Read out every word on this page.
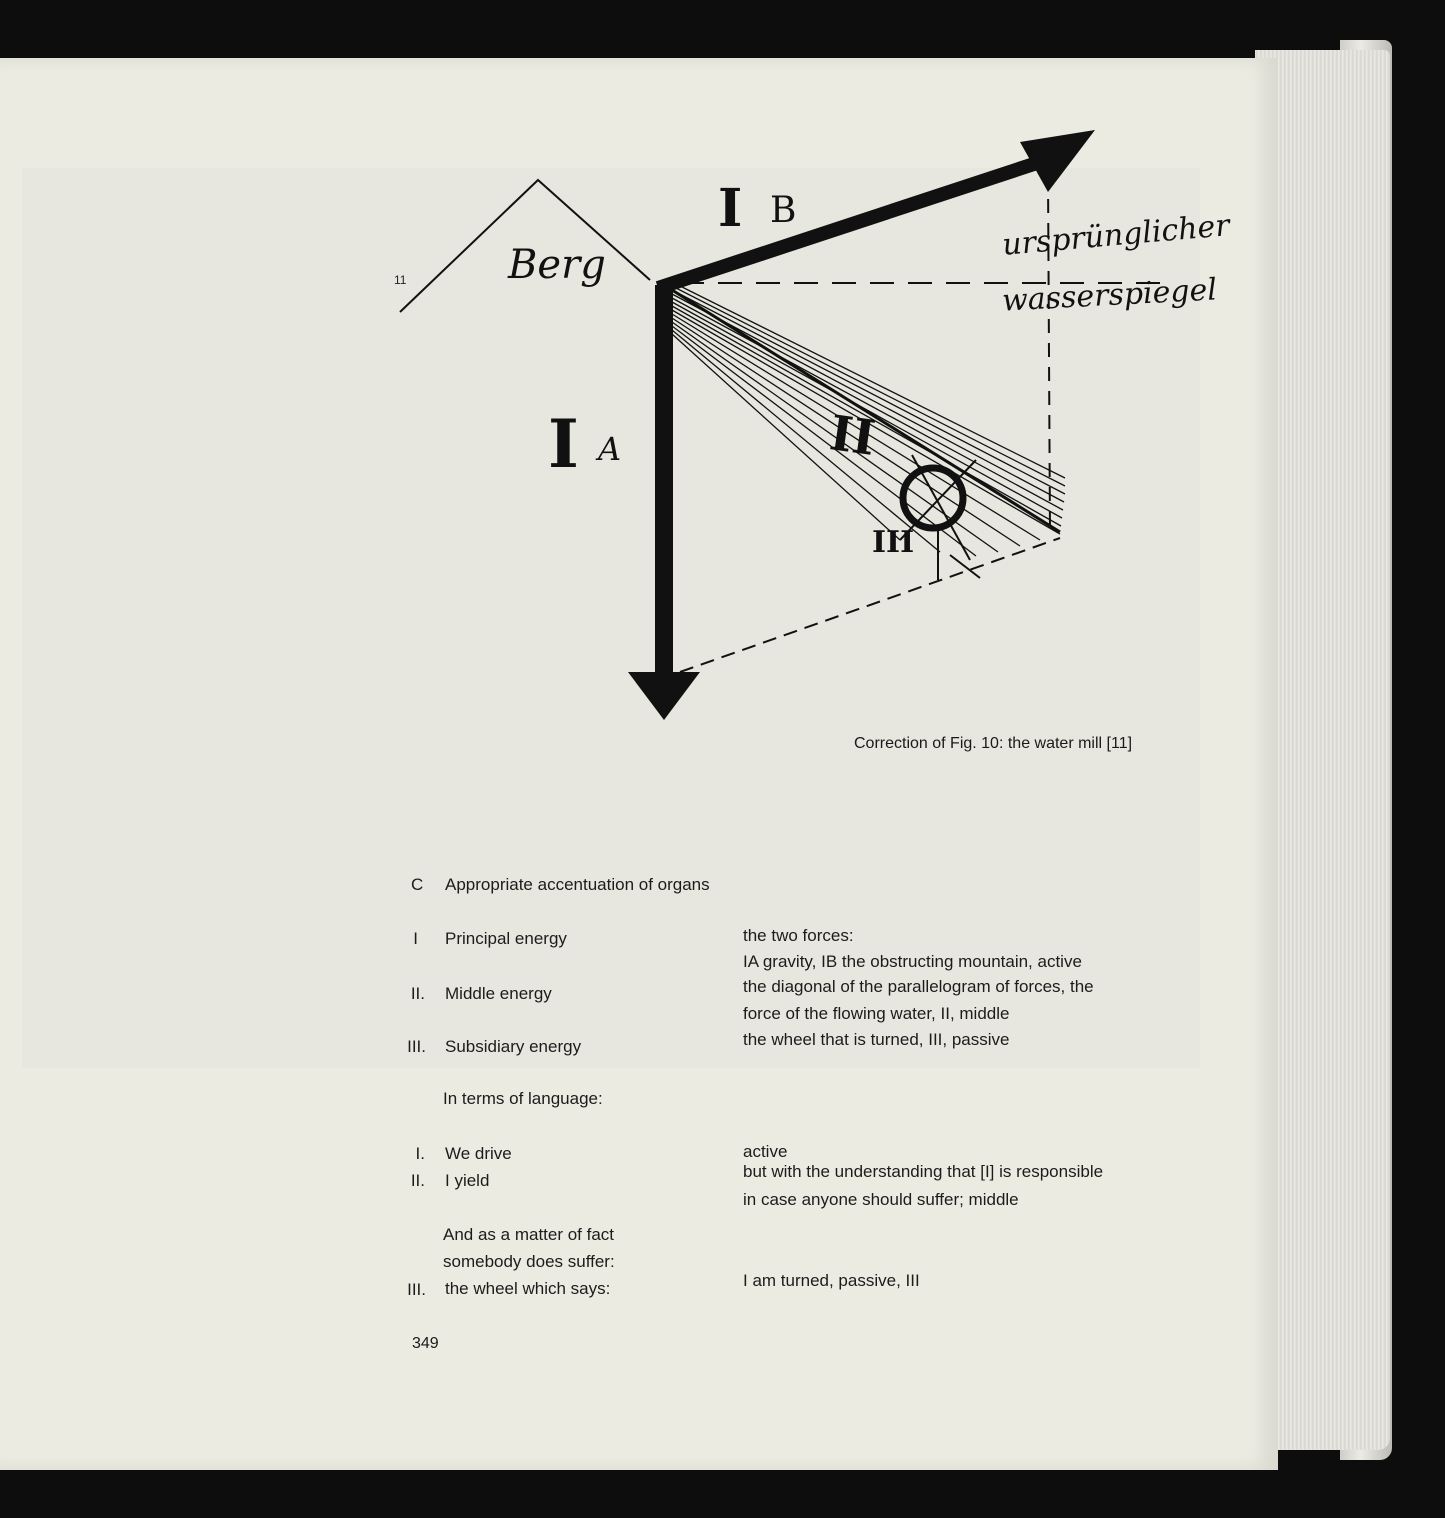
11	Berg
I B
I A	II
III
ursprünglicher
wasserspiegel
Correction of Fig. 10: the water mill [11]
C Appropriate accentuation of organs
I Principal energy	the two forces:
IA gravity, IB the obstructing mountain, active
II. Middle energy	the diagonal of the parallelogram of forces, the
force of the flowing water, II, middle
III. Subsidiary energy	the wheel that is turned, III, passive
In terms of language:
I. We drive	active
II. I yield	but with the understanding that [I] is responsible
in case anyone should suffer; middle
And as a matter of fact
somebody does suffer:
III. the wheel which says:	I am turned, passive, III
349
